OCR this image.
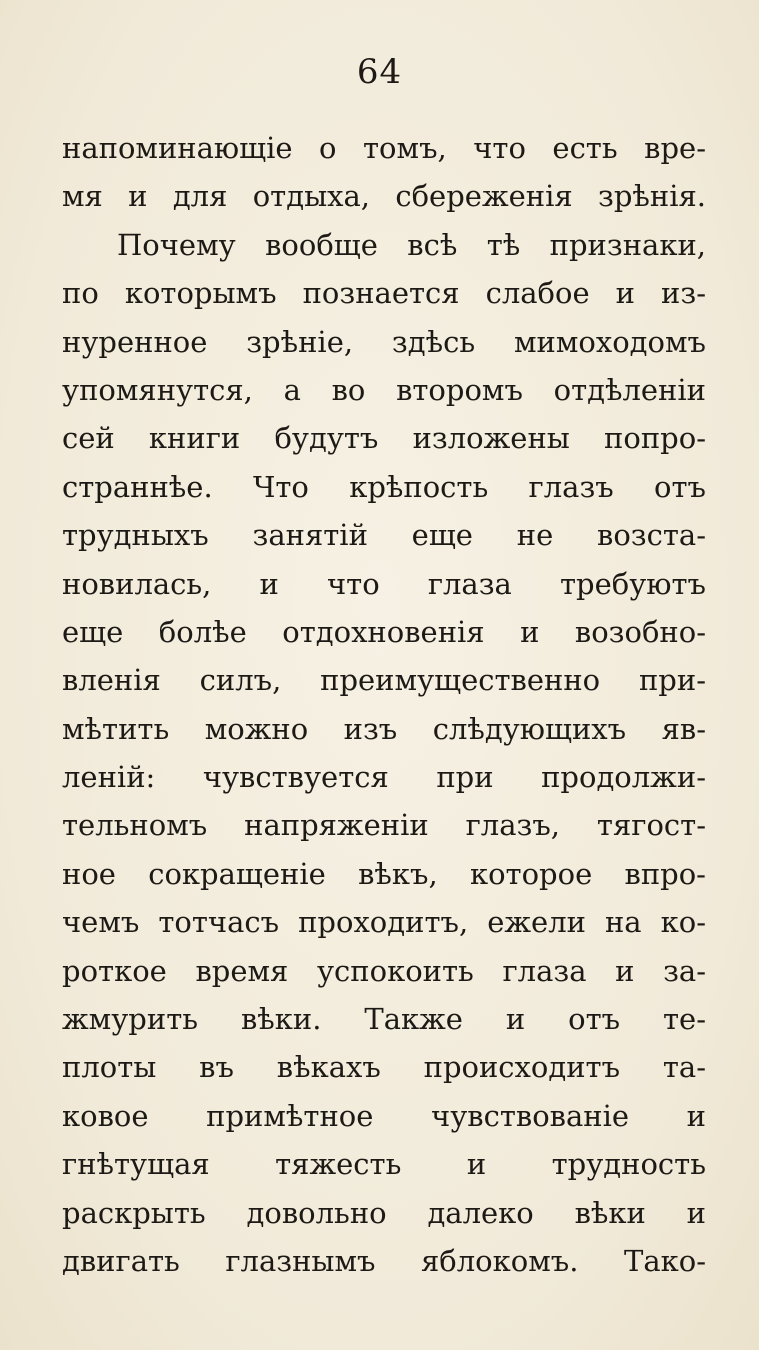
64
напоминающіе о томъ, что есть вре-
мя и для отдыха, сбереженія зрѣнія.
Почему вообще всѣ тѣ признаки,
по которымъ познается слабое и из-
нуренное зрѣніе, здѣсь мимоходомъ
упомянутся, а во второмъ отдѣленіи
сей книги будутъ изложены попро-
страннѣе. Что крѣпость глазъ отъ
трудныхъ занятій еще не возста-
новилась, и что глаза требуютъ
еще болѣе отдохновенія и возобно-
вленія силъ, преимущественно при-
мѣтить можно изъ слѣдующихъ яв-
леній: чувствуется при продолжи-
тельномъ напряженіи глазъ, тягост-
ное сокращеніе вѣкъ, которое впро-
чемъ тотчасъ проходитъ, ежели на ко-
роткое время успокоить глаза и за-
жмурить вѣки. Также и отъ те-
плоты въ вѣкахъ происходитъ та-
ковое примѣтное чувствованіе и
гнѣтущая тяжесть и трудность
раскрыть довольно далеко вѣки и
двигать глазнымъ яблокомъ. Тако-
